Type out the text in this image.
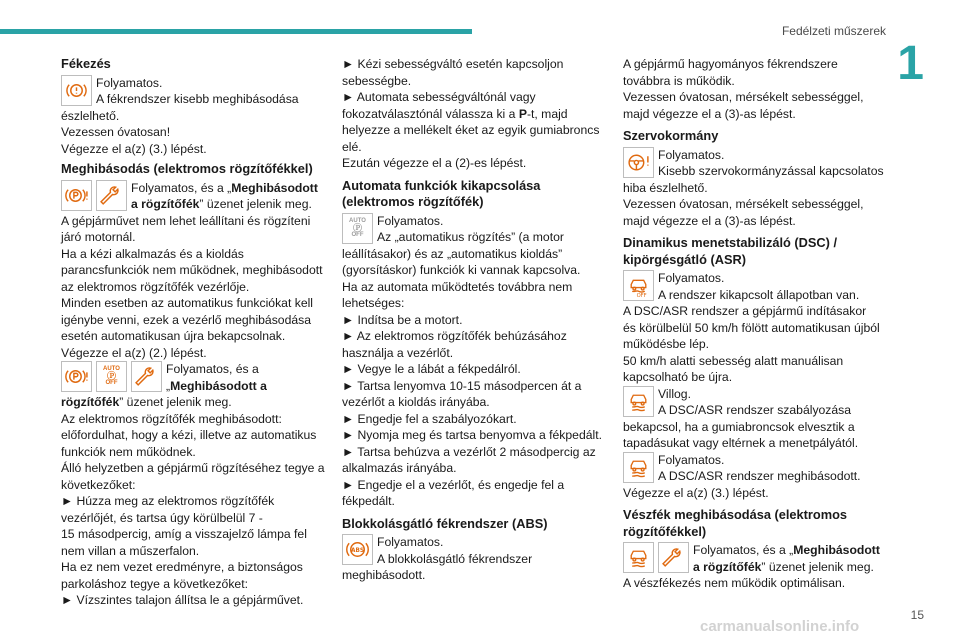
Fedélzeti műszerek
1
15
carmanualsonline.info
Fékezés
Folyamatos.
A fékrendszer kisebb meghibásodása
észlelhető.
Vezessen óvatosan!
Végezze el a(z) (3.) lépést.
Meghibásodás (elektromos rögzítőfékkel)
Folyamatos, és a „Meghibásodott
a rögzítőfék” üzenet jelenik meg.
A gépjárművet nem lehet leállítani és rögzíteni
járó motornál.
Ha a kézi alkalmazás és a kioldás
parancsfunkciók nem működnek, meghibásodott
az elektromos rögzítőfék vezérlője.
Minden esetben az automatikus funkciókat kell
igénybe venni, ezek a vezérlő meghibásodása
esetén automatikusan újra bekapcsolnak.
Végezze el a(z) (2.) lépést.
AUTO
Ⓟ
OFF
Folyamatos, és a
„Meghibásodott a
rögzítőfék” üzenet jelenik meg.
Az elektromos rögzítőfék meghibásodott:
előfordulhat, hogy a kézi, illetve az automatikus
funkciók nem működnek.
Álló helyzetben a gépjármű rögzítéséhez tegye a
következőket:
► Húzza meg az elektromos rögzítőfék
vezérlőjét, és tartsa úgy körülbelül 7 -
15 másodpercig, amíg a visszajelző lámpa fel
nem villan a műszerfalon.
Ha ez nem vezet eredményre, a biztonságos
parkoláshoz tegye a következőket:
► Vízszintes talajon állítsa le a gépjárművet.
► Kézi sebességváltó esetén kapcsoljon
sebességbe.
► Automata sebességváltónál vagy
fokozatválasztónál válassza ki a P-t, majd
helyezze a mellékelt éket az egyik gumiabroncs
elé.
Ezután végezze el a (2)-es lépést.
Automata funkciók kikapcsolása
(elektromos rögzítőfék)
AUTO
Ⓟ
OFF
Folyamatos.
Az „automatikus rögzítés” (a motor
leállításakor) és az „automatikus kioldás”
(gyorsításkor) funkciók ki vannak kapcsolva.
Ha az automata működtetés továbbra nem
lehetséges:
► Indítsa be a motort.
► Az elektromos rögzítőfék behúzásához
használja a vezérlőt.
► Vegye le a lábát a fékpedálról.
► Tartsa lenyomva 10-15 másodpercen át a
vezérlőt a kioldás irányába.
► Engedje fel a szabályozókart.
► Nyomja meg és tartsa benyomva a fékpedált.
► Tartsa behúzva a vezérlőt 2 másodpercig az
alkalmazás irányába.
► Engedje el a vezérlőt, és engedje fel a
fékpedált.
Blokkolásgátló fékrendszer (ABS)
ABS
Folyamatos.
A blokkolásgátló fékrendszer
meghibásodott.
A gépjármű hagyományos fékrendszere
továbbra is működik.
Vezessen óvatosan, mérsékelt sebességgel,
majd végezze el a (3)-as lépést.
Szervokormány
Folyamatos.
Kisebb szervokormányzással kapcsolatos
hiba észlelhető.
Vezessen óvatosan, mérsékelt sebességgel,
majd végezze el a (3)-as lépést.
Dinamikus menetstabilizáló (DSC) /
kipörgésgátló (ASR)
OFF
Folyamatos.
A rendszer kikapcsolt állapotban van.
A DSC/ASR rendszer a gépjármű indításakor
és körülbelül 50 km/h fölött automatikusan újból
működésbe lép.
50 km/h alatti sebesség alatt manuálisan
kapcsolható be újra.
Villog.
A DSC/ASR rendszer szabályozása
bekapcsol, ha a gumiabroncsok elvesztik a
tapadásukat vagy eltérnek a menetpályától.
Folyamatos.
A DSC/ASR rendszer meghibásodott.
Végezze el a(z) (3.) lépést.
Vészfék meghibásodása (elektromos
rögzítőfékkel)
Folyamatos, és a „Meghibásodott
a rögzítőfék” üzenet jelenik meg.
A vészfékezés nem működik optimálisan.
